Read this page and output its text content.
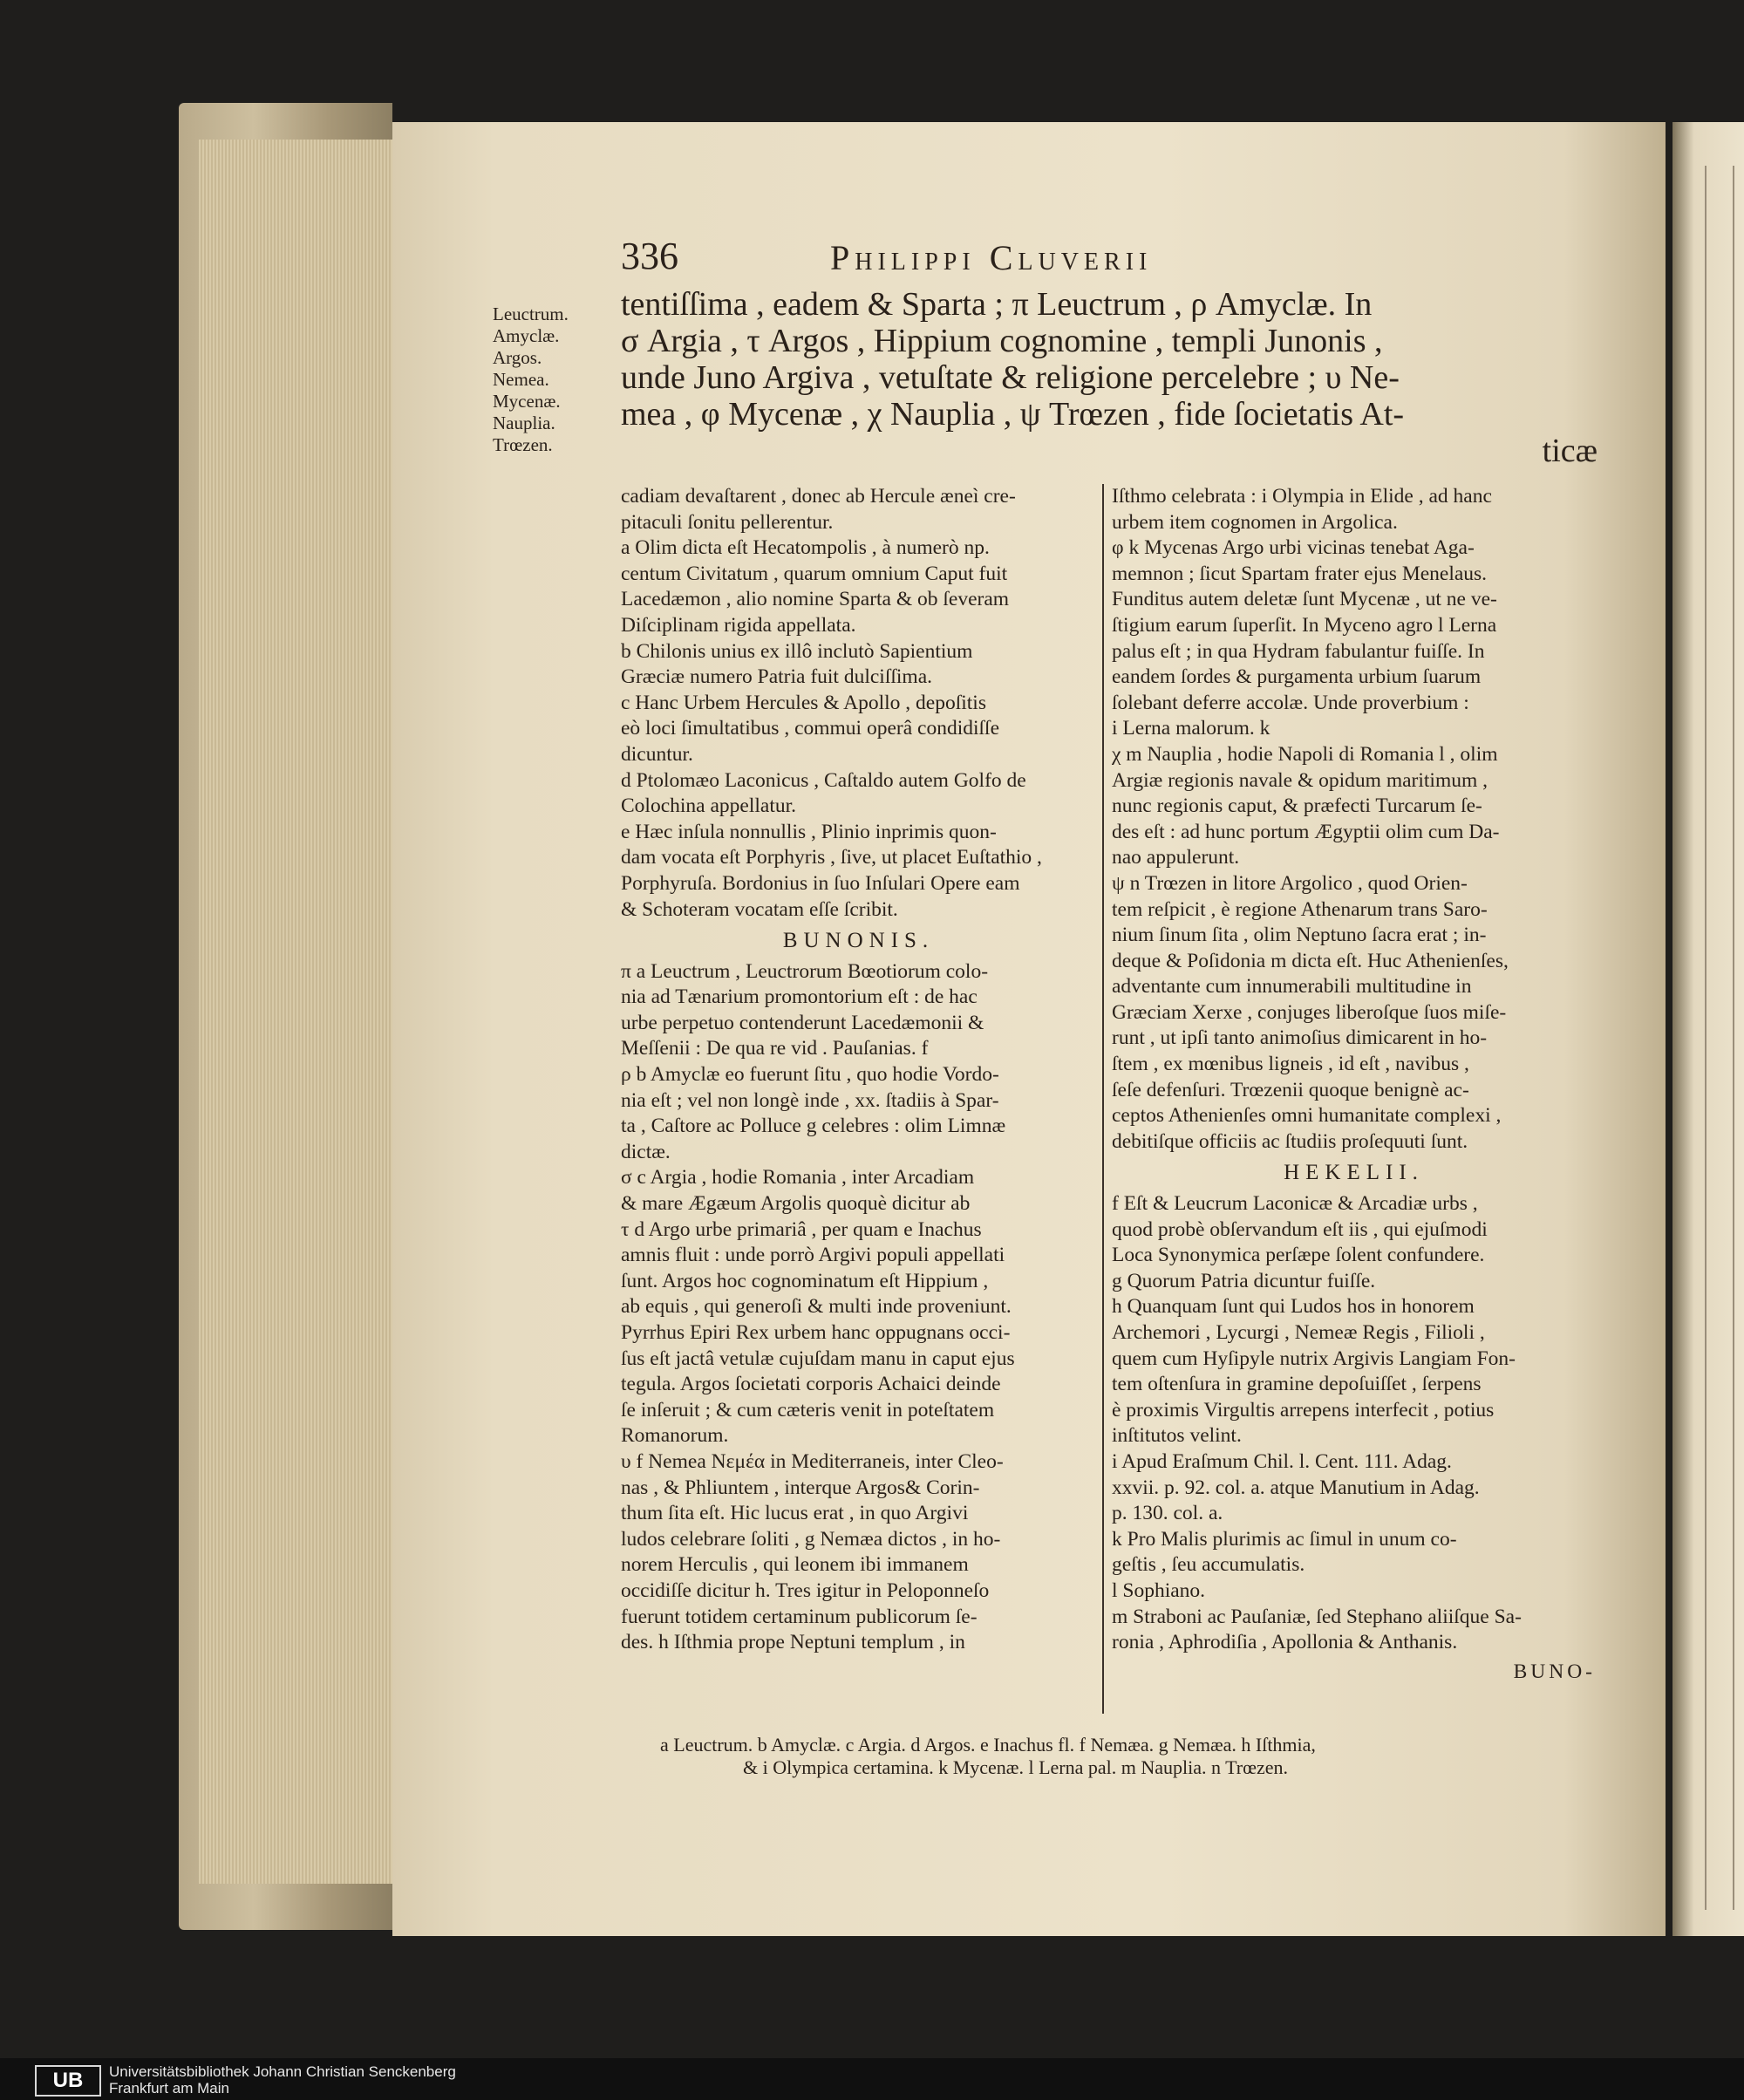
336	Philippi Cluverii
Leuctrum.
Amyclæ.
Argos.
Nemea.
Mycenæ.
Nauplia.
Trœzen.
tentiſſima , eadem & Sparta ; π Leuctrum , ρ Amyclæ. In
σ Argia , τ Argos , Hippium cognomine , templi Junonis ,
unde Juno Argiva , vetuſtate & religione percelebre ; υ Ne-
mea , φ Mycenæ , χ Nauplia , ψ Trœzen , fide ſocietatis At-
ticæ
cadiam devaſtarent , donec ab Hercule æneì cre-
pitaculi ſonitu pellerentur.
a Olim dicta eſt Hecatompolis , à numerò np.
centum Civitatum , quarum omnium Caput fuit
Lacedæmon , alio nomine Sparta & ob ſeveram
Diſciplinam rigida appellata.
b Chilonis unius ex illô inclutò Sapientium
Græciæ numero Patria fuit dulciſſima.
c Hanc Urbem Hercules & Apollo , depoſitis
eò loci ſimultatibus , commui operâ condidiſſe
dicuntur.
d Ptolomæo Laconicus , Caſtaldo autem Golfo de
Colochina appellatur.
e Hæc inſula nonnullis , Plinio inprimis quon-
dam vocata eſt Porphyris , ſive, ut placet Euſtathio ,
Porphyruſa. Bordonius in ſuo Inſulari Opere eam
& Schoteram vocatam eſſe ſcribit.
BUNONIS.
π a Leuctrum , Leuctrorum Bœotiorum colo-
nia ad Tænarium promontorium eſt : de hac
urbe perpetuo contenderunt Lacedæmonii &
Meſſenii : De qua re vid . Pauſanias. f
ρ b Amyclæ eo fuerunt ſitu , quo hodie Vordo-
nia eſt ; vel non longè inde , xx. ſtadiis à Spar-
ta , Caſtore ac Polluce g celebres : olim Limnæ
dictæ.
σ c Argia , hodie Romania , inter Arcadiam
& mare Ægæum Argolis quoquè dicitur ab
τ d Argo urbe primariâ , per quam e Inachus
amnis fluit : unde porrò Argivi populi appellati
ſunt. Argos hoc cognominatum eſt Hippium ,
ab equis , qui generoſi & multi inde proveniunt.
Pyrrhus Epiri Rex urbem hanc oppugnans occi-
ſus eſt jactâ vetulæ cujuſdam manu in caput ejus
tegula. Argos ſocietati corporis Achaici deinde
ſe inſeruit ; & cum cæteris venit in poteſtatem
Romanorum.
υ f Nemea Νεμέα in Mediterraneis, inter Cleo-
nas , & Phliuntem , interque Argos& Corin-
thum ſita eſt. Hic lucus erat , in quo Argivi
ludos celebrare ſoliti , g Nemæa dictos , in ho-
norem Herculis , qui leonem ibi immanem
occidiſſe dicitur h. Tres igitur in Peloponneſo
fuerunt totidem certaminum publicorum ſe-
des. h Iſthmia prope Neptuni templum , in
Iſthmo celebrata : i Olympia in Elide , ad hanc
urbem item cognomen in Argolica.
φ k Mycenas Argo urbi vicinas tenebat Aga-
memnon ; ſicut Spartam frater ejus Menelaus.
Funditus autem deletæ ſunt Mycenæ , ut ne ve-
ſtigium earum ſuperſit. In Myceno agro l Lerna
palus eſt ; in qua Hydram fabulantur fuiſſe. In
eandem ſordes & purgamenta urbium ſuarum
ſolebant deferre accolæ. Unde proverbium :
i Lerna malorum. k
χ m Nauplia , hodie Napoli di Romania l , olim
Argiæ regionis navale & opidum maritimum ,
nunc regionis caput, & præfecti Turcarum ſe-
des eſt : ad hunc portum Ægyptii olim cum Da-
nao appulerunt.
ψ n Trœzen in litore Argolico , quod Orien-
tem reſpicit , è regione Athenarum trans Saro-
nium ſinum ſita , olim Neptuno ſacra erat ; in-
deque & Poſidonia m dicta eſt. Huc Athenienſes,
adventante cum innumerabili multitudine in
Græciam Xerxe , conjuges liberoſque ſuos miſe-
runt , ut ipſi tanto animoſius dimicarent in ho-
ſtem , ex mœnibus ligneis , id eſt , navibus ,
ſeſe defenſuri. Trœzenii quoque benignè ac-
ceptos Athenienſes omni humanitate complexi ,
debitiſque officiis ac ſtudiis proſequuti ſunt.
HEKELII.
f Eſt & Leucrum Laconicæ & Arcadiæ urbs ,
quod probè obſervandum eſt iis , qui ejuſmodi
Loca Synonymica perſæpe ſolent confundere.
g Quorum Patria dicuntur fuiſſe.
h Quanquam ſunt qui Ludos hos in honorem
Archemori , Lycurgi , Nemeæ Regis , Filioli ,
quem cum Hyſipyle nutrix Argivis Langiam Fon-
tem oſtenſura in gramine depoſuiſſet , ſerpens
è proximis Virgultis arrepens interfecit , potius
inſtitutos velint.
i Apud Eraſmum Chil. l. Cent. 111. Adag.
xxvii. p. 92. col. a. atque Manutium in Adag.
p. 130. col. a.
k Pro Malis plurimis ac ſimul in unum co-
geſtis , ſeu accumulatis.
l Sophiano.
m Straboni ac Pauſaniæ, ſed Stephano aliiſque Sa-
ronia , Aphrodiſia , Apollonia & Anthanis.
BUNO-
a Leuctrum. b Amyclæ. c Argia. d Argos. e Inachus fl. f Nemæa. g Nemæa. h Iſthmia,
& i Olympica certamina. k Mycenæ. l Lerna pal. m Nauplia. n Trœzen.
UB	Universitätsbibliothek Johann Christian Senckenberg
Frankfurt am Main
